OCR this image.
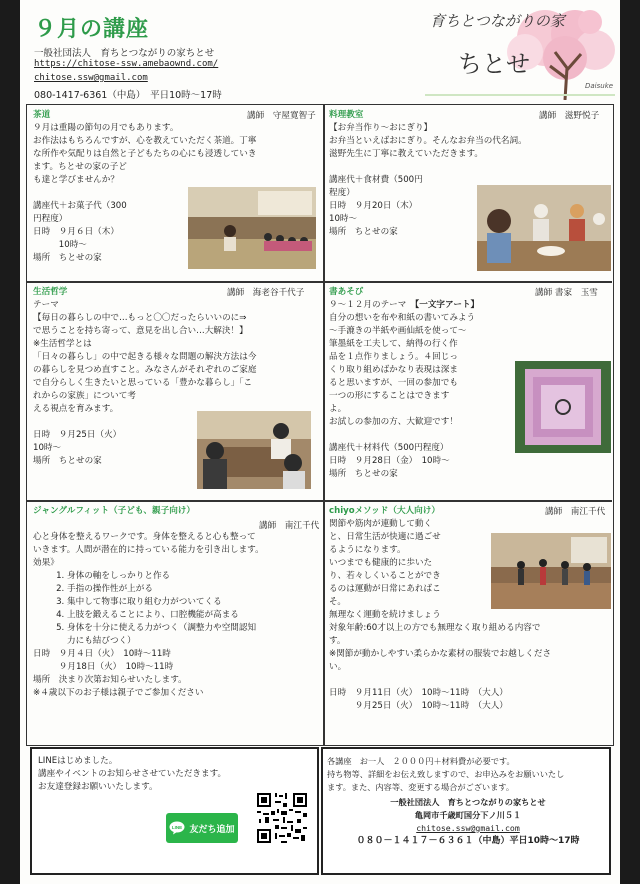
９月の講座
一般社団法人　育ちとつながりの家ちとせ
https://chitose-ssw.amebaownd.com/
chitose.ssw@gmail.com
080-1417-6361（中島）　平日10時～17時
育ちとつながりの家
ちとせ
Daisuke
茶道
９月は重陽の節句の月でもあります。
お作法はもちろんですが、心を教えていただく茶道。丁寧
な所作や気配りは自然と子どもたちの心にも浸透していき
ます。ちとせの家の子ど
も達と学びませんか？

講座代＋お菓子代（300
円程度）
日時　９月６日（木）
　　　10時～
場所　ちとせの家
講師　守屋寛智子 料理教室
【お弁当作り～おにぎり】
お弁当といえばおにぎり。そんなお弁当の代名詞。
滋野先生に丁寧に教えていただきます。

講座代＋食材費（500円
程度）
日時　９月20日（木）
10時～
場所　ちとせの家
講師　滋野悦子
生活哲学
テーマ
【毎日の暮らしの中で…もっと〇〇だったらいいのに⇒
で思うことを持ち寄って、意見を出し合い…大解決！】
※生活哲学とは
「日々の暮らし」の中で起きる様々な問題の解決方法は今
の暮らしを見つめ直すこと。みなさんがそれぞれのご家庭
で自分らしく生きたいと思っている「豊かな暮らし」「こ
れからの家族」について考
える視点を育みます。

日時　９月25日（火）
10時～
場所　ちとせの家
講師　海老谷千代子	書あそび
９～１２月のテーマ　【一文字アート】
自分の想いを布や和紙の書いてみよう
～手漉きの半紙や画仙紙を使って～
筆墨紙を工夫して、納得の行く作
品を１点作りましょう。４回じっ
くり取り組めばかなり表現は深ま
ると思いますが、一回の参加でも
一つの形にすることはできます
よ。
お試しの参加の方、大歓迎です！

講座代＋材料代（500円程度）
日時　９月28日（金）　10時～
場所　ちとせの家
講師 書家　玉雪
ジャングルフィット（子ども、親子向け）

心と身体を整えるワークです。身体を整えると心も整って
いきます。人間が潜在的に持っている能力を引き出します。
効果》
1. 身体の軸をしっかりと作る
2. 手指の操作性が上がる
3. 集中して物事に取り組む力がついてくる
4. 上肢を鍛えることにより、口腔機能が高まる
5. 身体を十分に使える力がつく（調整力や空間認知
力にも結びつく）
日時　９月４日（火）　10時～11時
　　　９月18日（火）　10時～11時
場所　決まり次第お知らせいたします。
※４歳以下のお子様は親子でご参加ください
講師　南江千代
chiyoメソッド（大人向け）
関節や筋肉が連動して動く
と、日常生活が快適に過ごせ
るようになります。
いつまでも健康的に歩いた
り、若々しくいることができ
るのは運動が日常にあればこ
そ。
無理なく運動を続けましょう
対象年齢:60才以上の方でも無理なく取り組める内容で
す。
※関節が動かしやすい柔らかな素材の服装でお越しくださ
い。

日時　９月11日（火）　10時～11時　（大人）
　　　９月25日（火）　10時～11時　（大人）
講師　南江千代
LINEはじめました。
講座やイベントのお知らせさせていただきます。
お友達登録お願いいたします。
LINE 友だち追加
各講座　お一人　２０００円＋材料費が必要です。
持ち物等、詳細をお伝え致しますので、お申込みをお願いいたし
ます。また、内容等、変更する場合がございます。
一般社団法人　育ちとつながりの家ちとせ
亀岡市千歳町国分下ノ川５１
chitose.ssw@gmail.com
０８０－１４１７－６３６１（中島）平日10時～17時
